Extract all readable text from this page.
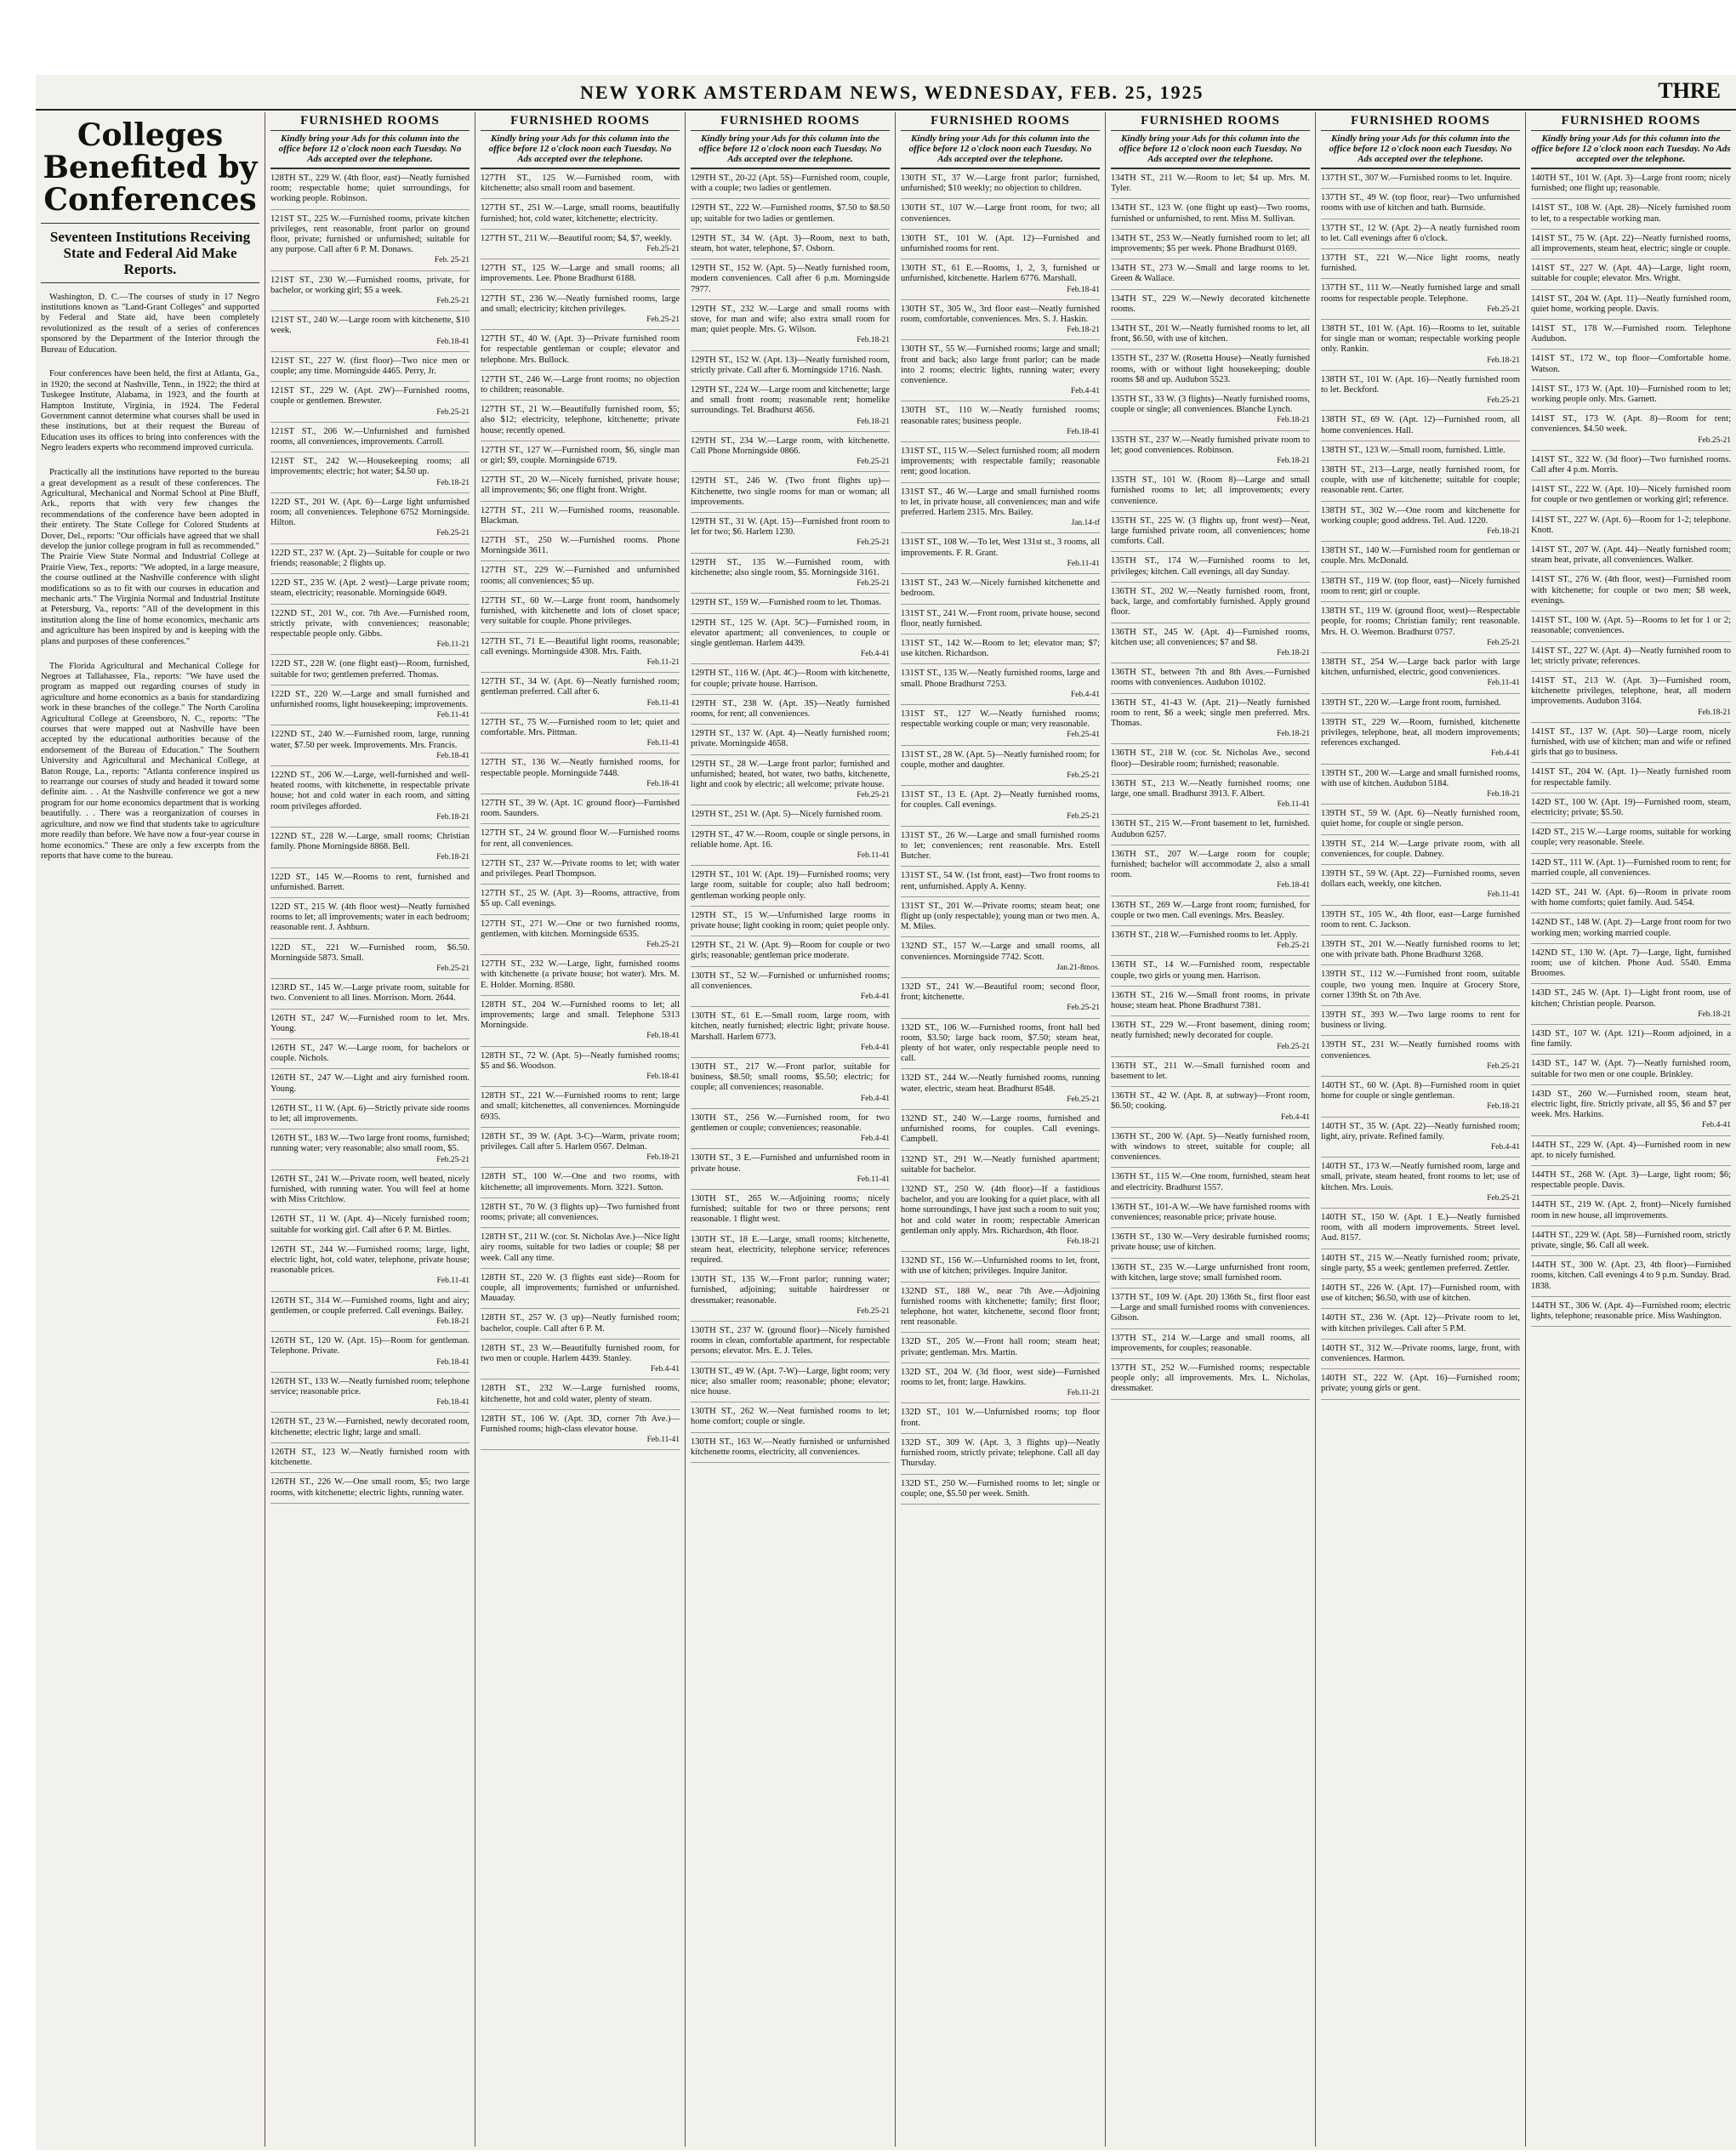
NEW YORK AMSTERDAM NEWS, WEDNESDAY, FEB. 25, 1925	THRE
Colleges Benefited by Conferences
Seventeen Institutions Receiving State and Federal Aid Make Reports.

Washington, D. C.—The courses of study in 17 Negro institutions known as "Land-Grant Colleges" and supported by Federal and State aid, have been completely revolutionized as the result of a series of conferences sponsored by the Department of the Interior through the Bureau of Education.

Four conferences have been held, the first at Atlanta, Ga., in 1920; the second at Nashville, Tenn., in 1922; the third at Tuskegee Institute, Alabama, in 1923, and the fourth at Hampton Institute, Virginia, in 1924. The Federal Government cannot determine what courses shall be used in these institutions, but at their request the Bureau of Education uses its offices to bring into conferences with the Negro leaders experts who recommend improved curricula.

Practically all the institutions have reported to the bureau a great development as a result of these conferences. The Agricultural, Mechanical and Normal School at Pine Bluff, Ark., reports that with very few changes the recommendations of the conference have been adopted in their entirety. The State College for Colored Students at Dover, Del., reports: "Our officials have agreed that we shall develop the junior college program in full as recommended." The Prairie View State Normal and Industrial College at Prairie View, Tex., reports: "We adopted, in a large measure, the course outlined at the Nashville conference with slight modifications so as to fit with our courses in education and mechanic arts." The Virginia Normal and Industrial Institute at Petersburg, Va., reports: "All of the development in this institution along the line of home economics, mechanic arts and agriculture has been inspired by and is keeping with the plans and purposes of these conferences."

The Florida Agricultural and Mechanical College for Negroes at Tallahassee, Fla., reports: "We have used the program as mapped out regarding courses of study in agriculture and home economics as a basis for standardizing work in these branches of the college." The North Carolina Agricultural College at Greensboro, N. C., reports: "The courses that were mapped out at Nashville have been accepted by the educational authorities because of the endorsement of the Bureau of Education." The Southern University and Agricultural and Mechanical College, at Baton Rouge, La., reports: "Atlanta conference inspired us to rearrange our courses of study and headed it toward some definite aim. . . At the Nashville conference we got a new program for our home economics department that is working beautifully. . . There was a reorganization of courses in agriculture, and now we find that students take to agriculture more readily than before. We have now a four-year course in home economics." These are only a few excerpts from the reports that have come to the bureau.

FURNISHED ROOMS
Kindly bring your Ads for this column into the office before 12 o'clock noon each Tuesday. No Ads accepted over the telephone.
128TH ST., 229 W. (4th floor, east)—Neatly furnished room; respectable home; quiet surroundings, for working people. Robinson.
121ST ST., 225 W.—Furnished rooms, private kitchen privileges, rent reasonable, front parlor on ground floor, private; furnished or unfurnished; suitable for any purpose. Call after 6 P. M. Donaws.
Feb. 25-21
121ST ST., 230 W.—Furnished rooms, private, for bachelor, or working girl; $5 a week.
Feb.25-21
121ST ST., 240 W.—Large room with kitchenette, $10 week.
Feb.18-41
121ST ST., 227 W. (first floor)—Two nice men or couple; any time. Morningside 4465. Perry, Jr.
121ST ST., 229 W. (Apt. 2W)—Furnished rooms, couple or gentlemen. Brewster.
Feb.25-21
121ST ST., 206 W.—Unfurnished and furnished rooms, all conveniences, improvements. Carroll.
121ST ST., 242 W.—Housekeeping rooms; all improvements; electric; hot water; $4.50 up.
Feb.18-21
122D ST., 201 W. (Apt. 6)—Large light unfurnished room; all conveniences. Telephone 6752 Morningside. Hilton.
Feb.25-21
122D ST., 237 W. (Apt. 2)—Suitable for couple or two friends; reasonable; 2 flights up.
122D ST., 235 W. (Apt. 2 west)—Large private room; steam, electricity; reasonable. Morningside 6049.
122ND ST., 201 W., cor. 7th Ave.—Furnished room, strictly private, with conveniences; reasonable; respectable people only. Gibbs.
Feb.11-21
122D ST., 228 W. (one flight east)—Room, furnished, suitable for two; gentlemen preferred. Thomas.
122D ST., 220 W.—Large and small furnished and unfurnished rooms, light housekeeping; improvements.
Feb.11-41
122ND ST., 240 W.—Furnished room, large, running water, $7.50 per week. Improvements. Mrs. Francis.
Feb.18-41
122ND ST., 206 W.—Large, well-furnished and well-heated rooms, with kitchenette, in respectable private house; hot and cold water in each room, and sitting room privileges afforded.
Feb.18-21
122ND ST., 228 W.—Large, small rooms; Christian family. Phone Morningside 8868. Bell.
Feb.18-21
122D ST., 145 W.—Rooms to rent, furnished and unfurnished. Barrett.
122D ST., 215 W. (4th floor west)—Neatly furnished rooms to let; all improvements; water in each bedroom; reasonable rent. J. Ashburn.
122D ST., 221 W.—Furnished room, $6.50. Morningside 5873. Small.
Feb.25-21
123RD ST., 145 W.—Large private room, suitable for two. Convenient to all lines. Morrison. Morn. 2644.
126TH ST., 247 W.—Furnished room to let. Mrs. Young.
126TH ST., 247 W.—Large room, for bachelors or couple. Nichols.
126TH ST., 247 W.—Light and airy furnished room. Young.
126TH ST., 11 W. (Apt. 6)—Strictly private side rooms to let; all improvements.
126TH ST., 183 W.—Two large front rooms, furnished; running water; very reasonable; also small room, $5.
Feb.25-21
126TH ST., 241 W.—Private room, well heated, nicely furnished, with running water. You will feel at home with Miss Critchlow.
126TH ST., 11 W. (Apt. 4)—Nicely furnished room; suitable for working girl. Call after 6 P. M. Birtles.
126TH ST., 244 W.—Furnished rooms; large, light, electric light, hot, cold water, telephone, private house; reasonable prices.
Feb.11-41
126TH ST., 314 W.—Furnished rooms, light and airy; gentlemen, or couple preferred. Call evenings. Bailey.
Feb.18-21
126TH ST., 120 W. (Apt. 15)—Room for gentleman. Telephone. Private.
Feb.18-41
126TH ST., 133 W.—Neatly furnished room; telephone service; reasonable price.
Feb.18-41
126TH ST., 23 W.—Furnished, newly decorated room, kitchenette; electric light; large and small.
126TH ST., 123 W.—Neatly furnished room with kitchenette.
126TH ST., 226 W.—One small room, $5; two large rooms, with kitchenette; electric lights, running water.
FURNISHED ROOMS
Kindly bring your Ads for this column into the office before 12 o'clock noon each Tuesday. No Ads accepted over the telephone.
127TH ST., 125 W.—Furnished room, with kitchenette; also small room and basement.
127TH ST., 251 W.—Large, small rooms, beautifully furnished; hot, cold water, kitchenette; electricity.
127TH ST., 211 W.—Beautiful room; $4, $7, weekly.
Feb.25-21
127TH ST., 125 W.—Large and small rooms; all improvements. Lee. Phone Bradhurst 6188.
127TH ST., 236 W.—Neatly furnished rooms, large and small; electricity; kitchen privileges.
Feb.25-21
127TH ST., 40 W. (Apt. 3)—Private furnished room for respectable gentleman or couple; elevator and telephone. Mrs. Bullock.
127TH ST., 246 W.—Large front rooms; no objection to children; reasonable.
127TH ST., 21 W.—Beautifully furnished room, $5; also $12; electricity, telephone, kitchenette; private house; recently opened.
127TH ST., 127 W.—Furnished room, $6, single man or girl; $9, couple. Morningside 6719.
127TH ST., 20 W.—Nicely furnished, private house; all improvements; $6; one flight front. Wright.
127TH ST., 211 W.—Furnished rooms, reasonable. Blackman.
127TH ST., 250 W.—Furnished rooms. Phone Morningside 3611.
127TH ST., 229 W.—Furnished and unfurnished rooms; all conveniences; $5 up.
127TH ST., 60 W.—Large front room, handsomely furnished, with kitchenette and lots of closet space; very suitable for couple. Phone privileges.
127TH ST., 71 E.—Beautiful light rooms, reasonable; call evenings. Morningside 4308. Mrs. Faith.
Feb.11-21
127TH ST., 34 W. (Apt. 6)—Neatly furnished room; gentleman preferred. Call after 6.
Feb.11-41
127TH ST., 75 W.—Furnished room to let; quiet and comfortable. Mrs. Pittman.
Feb.11-41
127TH ST., 136 W.—Neatly furnished rooms, for respectable people. Morningside 7448.
Feb.18-41
127TH ST., 39 W. (Apt. 1C ground floor)—Furnished room. Saunders.
127TH ST., 24 W. ground floor W.—Furnished rooms for rent, all conveniences.
127TH ST., 237 W.—Private rooms to let; with water and privileges. Pearl Thompson.
127TH ST., 25 W. (Apt. 3)—Rooms, attractive, from $5 up. Call evenings.
127TH ST., 271 W.—One or two furnished rooms, gentlemen, with kitchen. Morningside 6535.
Feb.25-21
127TH ST., 232 W.—Large, light, furnished rooms with kitchenette (a private house; hot water). Mrs. M. E. Holder. Morning. 8580.
128TH ST., 204 W.—Furnished rooms to let; all improvements; large and small. Telephone 5313 Morningside.
Feb.18-41
128TH ST., 72 W. (Apt. 5)—Neatly furnished rooms; $5 and $6. Woodson.
Feb.18-41
128TH ST., 221 W.—Furnished rooms to rent; large and small; kitchenettes, all conveniences. Morningside 6935.
128TH ST., 39 W. (Apt. 3-C)—Warm, private room; privileges. Call after 5. Harlem 0567. Delman.
Feb.18-21
128TH ST., 100 W.—One and two rooms, with kitchenette; all improvements. Morn. 3221. Sutton.
128TH ST., 70 W. (3 flights up)—Two furnished front rooms; private; all conveniences.
128TH ST., 211 W. (cor. St. Nicholas Ave.)—Nice light airy rooms, suitable for two ladies or couple; $8 per week. Call any time.
128TH ST., 220 W. (3 flights east side)—Room for couple, all improvements; furnished or unfurnished. Mauaday.
128TH ST., 257 W. (3 up)—Neatly furnished room; bachelor, couple. Call after 6 P. M.
128TH ST., 23 W.—Beautifully furnished room, for two men or couple. Harlem 4439. Stanley.
Feb.4-41
128TH ST., 232 W.—Large furnished rooms, kitchenette, hot and cold water, plenty of steam.
128TH ST., 106 W. (Apt. 3D, corner 7th Ave.)—Furnished rooms; high-class elevator house.
Feb.11-41
FURNISHED ROOMS
Kindly bring your Ads for this column into the office before 12 o'clock noon each Tuesday. No Ads accepted over the telephone.
129TH ST., 20-22 (Apt. 5S)—Furnished room, couple, with a couple; two ladies or gentlemen.
129TH ST., 222 W.—Furnished rooms, $7.50 to $8.50 up; suitable for two ladies or gentlemen.
129TH ST., 34 W. (Apt. 3)—Room, next to bath, steam, hot water, telephone, $7. Osborn.
129TH ST., 152 W. (Apt. 5)—Neatly furnished room, modern conveniences. Call after 6 p.m. Morningside 7977.
129TH ST., 232 W.—Large and small rooms with stove, for man and wife; also extra small room for man; quiet people. Mrs. G. Wilson.
Feb.18-21
129TH ST., 152 W. (Apt. 13)—Neatly furnished room, strictly private. Call after 6. Morningside 1716. Nash.
129TH ST., 224 W.—Large room and kitchenette; large and small front room; reasonable rent; homelike surroundings. Tel. Bradhurst 4656.
Feb.18-21
129TH ST., 234 W.—Large room, with kitchenette. Call Phone Morningside 0866.
Feb.25-21
129TH ST., 246 W. (Two front flights up)—Kitchenette, two single rooms for man or woman; all improvements.
129TH ST., 31 W. (Apt. 15)—Furnished front room to let for two; $6. Harlem 1230.
Feb.25-21
129TH ST., 135 W.—Furnished room, with kitchenette; also single room, $5. Morningside 3161.
Feb.25-21
129TH ST., 159 W.—Furnished room to let. Thomas.
129TH ST., 125 W. (Apt. 5C)—Furnished room, in elevator apartment; all conveniences, to couple or single gentleman. Harlem 4439.
Feb.4-41
129TH ST., 116 W. (Apt. 4C)—Room with kitchenette, for couple; private house. Harrison.
129TH ST., 238 W. (Apt. 3S)—Neatly furnished rooms, for rent; all conveniences.
129TH ST., 137 W. (Apt. 4)—Neatly furnished room; private. Morningside 4658.
129TH ST., 28 W.—Large front parlor; furnished and unfurnished; heated, hot water, two baths, kitchenette, light and cook by electric; all welcome; private house.
Feb.25-21
129TH ST., 251 W. (Apt. 5)—Nicely furnished room.
129TH ST., 47 W.—Room, couple or single persons, in reliable home. Apt. 16.
Feb.11-41
129TH ST., 101 W. (Apt. 19)—Furnished rooms; very large room, suitable for couple; also hall bedroom; gentleman working people only.
129TH ST., 15 W.—Unfurnished large rooms in private house; light cooking in room; quiet people only.
129TH ST., 21 W. (Apt. 9)—Room for couple or two girls; reasonable; gentleman price moderate.
130TH ST., 52 W.—Furnished or unfurnished rooms; all conveniences.
Feb.4-41
130TH ST., 61 E.—Small room, large room, with kitchen, neatly furnished; electric light; private house. Marshall. Harlem 6773.
Feb.4-41
130TH ST., 217 W.—Front parlor, suitable for business, $8.50; small rooms, $5.50; electric; for couple; all conveniences; reasonable.
Feb.4-41
130TH ST., 256 W.—Furnished room, for two gentlemen or couple; conveniences; reasonable.
Feb.4-41
130TH ST., 3 E.—Furnished and unfurnished room in private house.
Feb.11-41
130TH ST., 265 W.—Adjoining rooms; nicely furnished; suitable for two or three persons; rent reasonable. 1 flight west.
130TH ST., 18 E.—Large, small rooms; kitchenette, steam heat, electricity, telephone service; references required.
130TH ST., 135 W.—Front parlor; running water; furnished, adjoining; suitable hairdresser or dressmaker; reasonable.
Feb.25-21
130TH ST., 237 W. (ground floor)—Nicely furnished rooms in clean, comfortable apartment, for respectable persons; elevator. Mrs. E. J. Teles.
130TH ST., 49 W. (Apt. 7-W)—Large, light room; very nice; also smaller room; reasonable; phone; elevator; nice house.
130TH ST., 262 W.—Neat furnished rooms to let; home comfort; couple or single.
130TH ST., 163 W.—Neatly furnished or unfurnished kitchenette rooms, electricity, all conveniences.
FURNISHED ROOMS
Kindly bring your Ads for this column into the office before 12 o'clock noon each Tuesday. No Ads accepted over the telephone.
130TH ST., 37 W.—Large front parlor; furnished, unfurnished; $10 weekly; no objection to children.
130TH ST., 107 W.—Large front room, for two; all conveniences.
130TH ST., 101 W. (Apt. 12)—Furnished and unfurnished rooms for rent.
130TH ST., 61 E.—Rooms, 1, 2, 3, furnished or unfurnished, kitchenette. Harlem 6776. Marshall.
Feb.18-41
130TH ST., 305 W., 3rd floor east—Neatly furnished room, comfortable, conveniences. Mrs. S. J. Haskin.
Feb.18-21
130TH ST., 55 W.—Furnished rooms; large and small; front and back; also large front parlor; can be made into 2 rooms; electric lights, running water; every convenience.
Feb.4-41
130TH ST., 110 W.—Neatly furnished rooms; reasonable rates; business people.
Feb.18-41
131ST ST., 115 W.—Select furnished room; all modern improvements; with respectable family; reasonable rent; good location.
131ST ST., 46 W.—Large and small furnished rooms to let, in private house, all conveniences; man and wife preferred. Harlem 2315. Mrs. Bailey.
Jan.14-tf
131ST ST., 108 W.—To let, West 131st st., 3 rooms, all improvements. F. R. Grant.
Feb.11-41
131ST ST., 243 W.—Nicely furnished kitchenette and bedroom.
131ST ST., 241 W.—Front room, private house, second floor, neatly furnished.
131ST ST., 142 W.—Room to let; elevator man; $7; use kitchen. Richardson.
131ST ST., 135 W.—Neatly furnished rooms, large and small. Phone Bradhurst 7253.
Feb.4-41
131ST ST., 127 W.—Neatly furnished rooms; respectable working couple or man; very reasonable.
Feb.25-41
131ST ST., 28 W. (Apt. 5)—Neatly furnished room; for couple, mother and daughter.
Feb.25-21
131ST ST., 13 E. (Apt. 2)—Neatly furnished rooms, for couples. Call evenings.
Feb.25-21
131ST ST., 26 W.—Large and small furnished rooms to let; conveniences; rent reasonable. Mrs. Estell Butcher.
131ST ST., 54 W. (1st front, east)—Two front rooms to rent, unfurnished. Apply A. Kenny.
131ST ST., 201 W.—Private rooms; steam heat; one flight up (only respectable); young man or two men. A. M. Miles.
132ND ST., 157 W.—Large and small rooms, all conveniences. Morningside 7742. Scott.
Jan.21-8mos.
132D ST., 241 W.—Beautiful room; second floor, front; kitchenette.
Feb.25-21
132D ST., 106 W.—Furnished rooms, front hall bed room, $3.50; large back room, $7.50; steam heat, plenty of hot water, only respectable people need to call.
132D ST., 244 W.—Neatly furnished rooms, running water, electric, steam heat. Bradhurst 8548.
Feb.25-21
132ND ST., 240 W.—Large rooms, furnished and unfurnished rooms, for couples. Call evenings. Campbell.
132ND ST., 291 W.—Neatly furnished apartment; suitable for bachelor.
132ND ST., 250 W. (4th floor)—If a fastidious bachelor, and you are looking for a quiet place, with all home surroundings, I have just such a room to suit you; hot and cold water in room; respectable American gentleman only apply. Mrs. Richardson, 4th floor.
Feb.18-21
132ND ST., 156 W.—Unfurnished rooms to let, front, with use of kitchen; privileges. Inquire Janitor.
132ND ST., 188 W., near 7th Ave.—Adjoining furnished rooms with kitchenette; family; first floor; telephone, hot water, kitchenette, second floor front; rent reasonable.
132D ST., 205 W.—Front hall room; steam heat; private; gentleman. Mrs. Martin.
132D ST., 204 W. (3d floor, west side)—Furnished rooms to let, front; large. Hawkins.
Feb.11-21
132D ST., 101 W.—Unfurnished rooms; top floor front.
132D ST., 309 W. (Apt. 3, 3 flights up)—Neatly furnished room, strictly private; telephone. Call all day Thursday.
132D ST., 250 W.—Furnished rooms to let; single or couple; one, $5.50 per week. Smith.
FURNISHED ROOMS
Kindly bring your Ads for this column into the office before 12 o'clock noon each Tuesday. No Ads accepted over the telephone.
134TH ST., 211 W.—Room to let; $4 up. Mrs. M. Tyler.
134TH ST., 123 W. (one flight up east)—Two rooms, furnished or unfurnished, to rent. Miss M. Sullivan.
134TH ST., 253 W.—Neatly furnished room to let; all improvements; $5 per week. Phone Bradhurst 0169.
134TH ST., 273 W.—Small and large rooms to let. Green & Wallace.
134TH ST., 229 W.—Newly decorated kitchenette rooms.
134TH ST., 201 W.—Neatly furnished rooms to let, all front, $6.50, with use of kitchen.
135TH ST., 237 W. (Rosetta House)—Neatly furnished rooms, with or without light housekeeping; double rooms $8 and up. Audubon 5523.
135TH ST., 33 W. (3 flights)—Neatly furnished rooms, couple or single; all conveniences. Blanche Lynch.
Feb.18-21
135TH ST., 237 W.—Neatly furnished private room to let; good conveniences. Robinson.
Feb.18-21
135TH ST., 101 W. (Room 8)—Large and small furnished rooms to let; all improvements; every convenience.
135TH ST., 225 W. (3 flights up, front west)—Neat, large furnished private room, all conveniences; home comforts. Call.
135TH ST., 174 W.—Furnished rooms to let, privileges; kitchen. Call evenings, all day Sunday.
136TH ST., 202 W.—Neatly furnished room, front, back, large, and comfortably furnished. Apply ground floor.
136TH ST., 245 W. (Apt. 4)—Furnished rooms, kitchen use; all conveniences; $7 and $8.
Feb.18-21
136TH ST., between 7th and 8th Aves.—Furnished rooms with conveniences. Audubon 10102.
136TH ST., 41-43 W. (Apt. 21)—Neatly furnished room to rent, $6 a week; single men preferred. Mrs. Thomas.
Feb.18-21
136TH ST., 218 W. (cor. St. Nicholas Ave., second floor)—Desirable room; furnished; reasonable.
136TH ST., 213 W.—Neatly furnished rooms; one large, one small. Bradhurst 3913. F. Albert.
Feb.11-41
136TH ST., 215 W.—Front basement to let, furnished. Audubon 6257.
136TH ST., 207 W.—Large room for couple; furnished; bachelor will accommodate 2, also a small room.
Feb.18-41
136TH ST., 269 W.—Large front room; furnished, for couple or two men. Call evenings. Mrs. Beasley.
136TH ST., 218 W.—Furnished rooms to let. Apply.
Feb.25-21
136TH ST., 14 W.—Furnished room, respectable couple, two girls or young men. Harrison.
136TH ST., 216 W.—Small front rooms, in private house; steam heat. Phone Bradhurst 7381.
136TH ST., 229 W.—Front basement, dining room; neatly furnished; newly decorated for couple.
Feb.25-21
136TH ST., 211 W.—Small furnished room and basement to let.
136TH ST., 42 W. (Apt. 8, at subway)—Front room, $6.50; cooking.
Feb.4-41
136TH ST., 200 W. (Apt. 5)—Neatly furnished room, with windows to street, suitable for couple; all conveniences.
136TH ST., 115 W.—One room, furnished, steam heat and electricity. Bradhurst 1557.
136TH ST., 101-A W.—We have furnished rooms with conveniences; reasonable price; private house.
136TH ST., 130 W.—Very desirable furnished rooms; private house; use of kitchen.
136TH ST., 235 W.—Large unfurnished front room, with kitchen, large stove; small furnished room.
137TH ST., 109 W. (Apt. 20) 136th St., first floor east—Large and small furnished rooms with conveniences. Gibson.
137TH ST., 214 W.—Large and small rooms, all improvements, for couples; reasonable.
137TH ST., 252 W.—Furnished rooms; respectable people only; all improvements. Mrs. L. Nicholas, dressmaker.
FURNISHED ROOMS
Kindly bring your Ads for this column into the office before 12 o'clock noon each Tuesday. No Ads accepted over the telephone.
137TH ST., 307 W.—Furnished rooms to let. Inquire.
137TH ST., 49 W. (top floor, rear)—Two unfurnished rooms with use of kitchen and bath. Burnside.
137TH ST., 12 W. (Apt. 2)—A neatly furnished room to let. Call evenings after 6 o'clock.
137TH ST., 221 W.—Nice light rooms, neatly furnished.
137TH ST., 111 W.—Neatly furnished large and small rooms for respectable people. Telephone.
Feb.25-21
138TH ST., 101 W. (Apt. 16)—Rooms to let, suitable for single man or woman; respectable working people only. Rankin.
Feb.18-21
138TH ST., 101 W. (Apt. 16)—Neatly furnished room to let. Beckford.
Feb.25-21
138TH ST., 69 W. (Apt. 12)—Furnished room, all home conveniences. Hall.
138TH ST., 123 W.—Small room, furnished. Little.
138TH ST., 213—Large, neatly furnished room, for couple, with use of kitchenette; suitable for couple; reasonable rent. Carter.
138TH ST., 302 W.—One room and kitchenette for working couple; good address. Tel. Aud. 1220.
Feb.18-21
138TH ST., 140 W.—Furnished room for gentleman or couple. Mrs. McDonald.
138TH ST., 119 W. (top floor, east)—Nicely furnished room to rent; girl or couple.
138TH ST., 119 W. (ground floor, west)—Respectable people, for rooms; Christian family; rent reasonable. Mrs. H. O. Weemon. Bradhurst 0757.
Feb.25-21
138TH ST., 254 W.—Large back parlor with large kitchen, unfurnished, electric, good conveniences.
Feb.11-41
139TH ST., 220 W.—Large front room, furnished.
139TH ST., 229 W.—Room, furnished, kitchenette privileges, telephone, heat, all modern improvements; references exchanged.
Feb.4-41
139TH ST., 200 W.—Large and small furnished rooms, with use of kitchen. Audubon 5184.
Feb.18-21
139TH ST., 59 W. (Apt. 6)—Neatly furnished room, quiet home, for couple or single person.
139TH ST., 214 W.—Large private room, with all conveniences, for couple. Dabney.
139TH ST., 59 W. (Apt. 22)—Furnished rooms, seven dollars each, weekly, one kitchen.
Feb.11-41
139TH ST., 105 W., 4th floor, east—Large furnished room to rent. C. Jackson.
139TH ST., 201 W.—Neatly furnished rooms to let; one with private bath. Phone Bradhurst 3268.
139TH ST., 112 W.—Furnished front room, suitable couple, two young men. Inquire at Grocery Store, corner 139th St. on 7th Ave.
139TH ST., 393 W.—Two large rooms to rent for business or living.
139TH ST., 231 W.—Neatly furnished rooms with conveniences.
Feb.25-21
140TH ST., 60 W. (Apt. 8)—Furnished room in quiet home for couple or single gentleman.
Feb.18-21
140TH ST., 35 W. (Apt. 22)—Neatly furnished room; light, airy, private. Refined family.
Feb.4-41
140TH ST., 173 W.—Neatly furnished room, large and small, private, steam heated, front rooms to let; use of kitchen. Mrs. Louis.
Feb.25-21
140TH ST., 150 W. (Apt. 1 E.)—Neatly furnished room, with all modern improvements. Street level. Aud. 8157.
140TH ST., 215 W.—Neatly furnished room; private, single party, $5 a week; gentlemen preferred. Zettler.
140TH ST., 226 W. (Apt. 17)—Furnished room, with use of kitchen; $6.50, with use of kitchen.
140TH ST., 236 W. (Apt. 12)—Private room to let, with kitchen privileges. Call after 5 P.M.
140TH ST., 312 W.—Private rooms, large, front, with conveniences. Harmon.
140TH ST., 222 W. (Apt. 16)—Furnished room; private; young girls or gent.
FURNISHED ROOMS
Kindly bring your Ads for this column into the office before 12 o'clock noon each Tuesday. No Ads accepted over the telephone.
140TH ST., 101 W. (Apt. 3)—Large front room; nicely furnished; one flight up; reasonable.
141ST ST., 108 W. (Apt. 28)—Nicely furnished room to let, to a respectable working man.
141ST ST., 75 W. (Apt. 22)—Neatly furnished rooms, all improvements, steam heat, electric; single or couple.
141ST ST., 227 W. (Apt. 4A)—Large, light room, suitable for couple; elevator. Mrs. Wright.
141ST ST., 204 W. (Apt. 11)—Neatly furnished room, quiet home, working people. Davis.
141ST ST., 178 W.—Furnished room. Telephone Audubon.
141ST ST., 172 W., top floor—Comfortable home. Watson.
141ST ST., 173 W. (Apt. 10)—Furnished room to let; working people only. Mrs. Garnett.
141ST ST., 173 W. (Apt. 8)—Room for rent; conveniences. $4.50 week.
Feb.25-21
141ST ST., 322 W. (3d floor)—Two furnished rooms. Call after 4 p.m. Morris.
141ST ST., 222 W. (Apt. 10)—Nicely furnished room for couple or two gentlemen or working girl; reference.
141ST ST., 227 W. (Apt. 6)—Room for 1-2; telephone. Knott.
141ST ST., 207 W. (Apt. 44)—Neatly furnished room; steam heat, private, all conveniences. Walker.
141ST ST., 276 W. (4th floor, west)—Furnished room with kitchenette; for couple or two men; $8 week, evenings.
141ST ST., 100 W. (Apt. 5)—Rooms to let for 1 or 2; reasonable; conveniences.
141ST ST., 227 W. (Apt. 4)—Neatly furnished room to let; strictly private; references.
141ST ST., 213 W. (Apt. 3)—Furnished room, kitchenette privileges, telephone, heat, all modern improvements. Audubon 3164.
Feb.18-21
141ST ST., 137 W. (Apt. 50)—Large room, nicely furnished, with use of kitchen; man and wife or refined girls that go to business.
141ST ST., 204 W. (Apt. 1)—Neatly furnished room for respectable family.
142D ST., 100 W. (Apt. 19)—Furnished room, steam, electricity; private; $5.50.
142D ST., 215 W.—Large rooms, suitable for working couple; very reasonable. Steele.
142D ST., 111 W. (Apt. 1)—Furnished room to rent; for married couple, all conveniences.
142D ST., 241 W. (Apt. 6)—Room in private room with home comforts; quiet family. Aud. 5454.
142ND ST., 148 W. (Apt. 2)—Large front room for two working men; working married couple.
142ND ST., 130 W. (Apt. 7)—Large, light, furnished room; use of kitchen. Phone Aud. 5540. Emma Broomes.
143D ST., 245 W. (Apt. 1)—Light front room, use of kitchen; Christian people. Pearson.
Feb.18-21
143D ST., 107 W. (Apt. 121)—Room adjoined, in a fine family.
143D ST., 147 W. (Apt. 7)—Neatly furnished room, suitable for two men or one couple. Brinkley.
143D ST., 260 W.—Furnished room, steam heat, electric light, fire. Strictly private, all $5, $6 and $7 per week. Mrs. Harkins.
Feb.4-41
144TH ST., 229 W. (Apt. 4)—Furnished room in new apt. to nicely furnished.
144TH ST., 268 W. (Apt. 3)—Large, light room; $6; respectable people. Davis.
144TH ST., 219 W. (Apt. 2, front)—Nicely furnished room in new house, all improvements.
144TH ST., 229 W. (Apt. 58)—Furnished room, strictly private, single, $6. Call all week.
144TH ST., 300 W. (Apt. 23, 4th floor)—Furnished rooms, kitchen. Call evenings 4 to 9 p.m. Sunday. Brad. 1838.
144TH ST., 306 W. (Apt. 4)—Furnished room; electric lights, telephone; reasonable price. Miss Washington.
